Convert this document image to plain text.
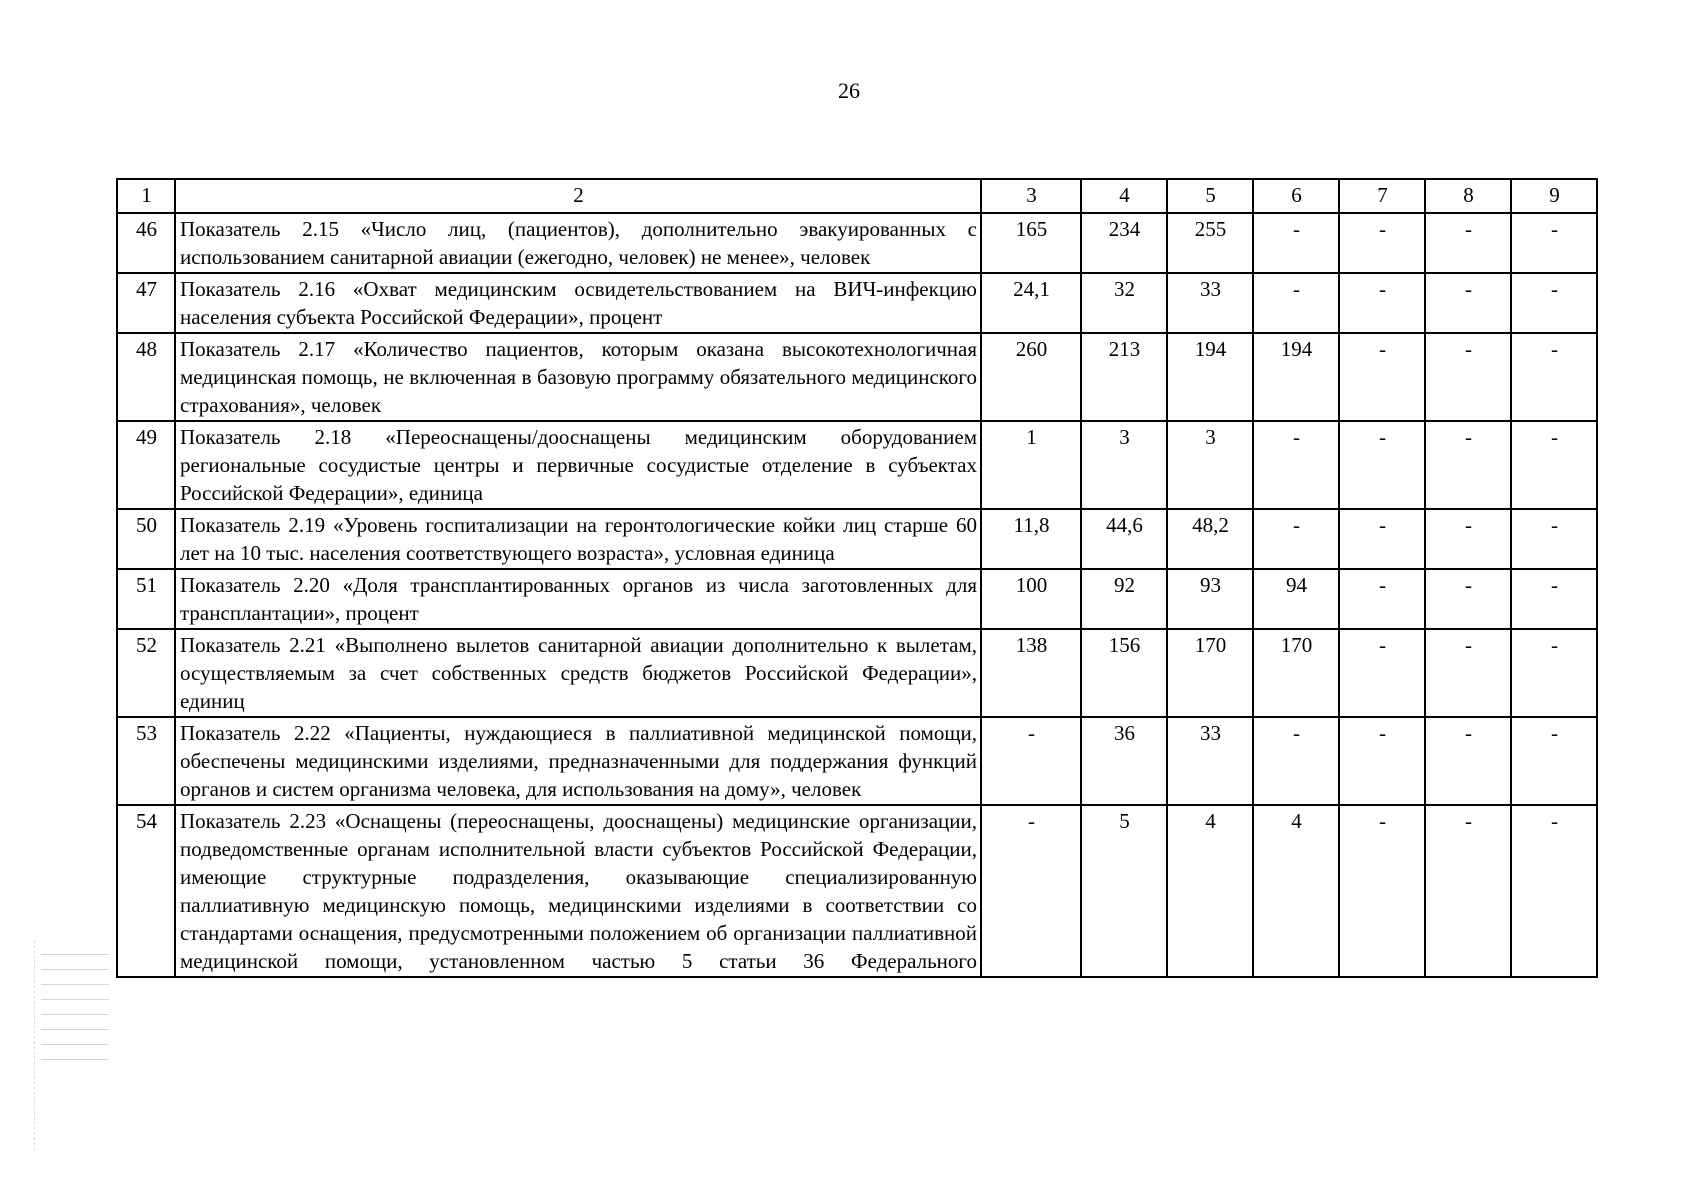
26
1	2	3	4	5	6	7	8	9
46	Показатель 2.15 «Число лиц, (пациентов), дополнительно эвакуированных с использованием санитарной авиации (ежегодно, человек) не менее», человек	165	234	255	-	-	-	-
47	Показатель 2.16 «Охват медицинским освидетельствованием на ВИЧ-инфекцию населения субъекта Российской Федерации», процент	24,1	32	33	-	-	-	-
48	Показатель 2.17 «Количество пациентов, которым оказана высокотехнологичная медицинская помощь, не включенная в базовую программу обязательного медицинского страхования», человек	260	213	194	194	-	-	-
49	Показатель 2.18 «Переоснащены/дооснащены медицинским оборудованием региональные сосудистые центры и первичные сосудистые отделение в субъектах Российской Федерации», единица	1	3	3	-	-	-	-
50	Показатель 2.19 «Уровень госпитализации на геронтологические койки лиц старше 60 лет на 10 тыс. населения соответствующего возраста», условная единица	11,8	44,6	48,2	-	-	-	-
51	Показатель 2.20 «Доля трансплантированных органов из числа заготовленных для трансплантации», процент	100	92	93	94	-	-	-
52	Показатель 2.21 «Выполнено вылетов санитарной авиации дополнительно к вылетам, осуществляемым за счет собственных средств бюджетов Российской Федерации», единиц	138	156	170	170	-	-	-
53	Показатель 2.22 «Пациенты, нуждающиеся в паллиативной медицинской помощи, обеспечены медицинскими изделиями, предназначенными для поддержания функций органов и систем организма человека, для использования на дому», человек	-	36	33	-	-	-	-
54	Показатель 2.23 «Оснащены (переоснащены, дооснащены) медицинские организации, подведомственные органам исполнительной власти субъектов Российской Федерации, имеющие структурные подразделения, оказывающие специализированную паллиативную медицинскую помощь, медицинскими изделиями в соответствии со стандартами оснащения, предусмотренными положением об организации паллиативной медицинской помощи, установленном частью 5 статьи 36 Федерального	-	5	4	4	-	-	-
